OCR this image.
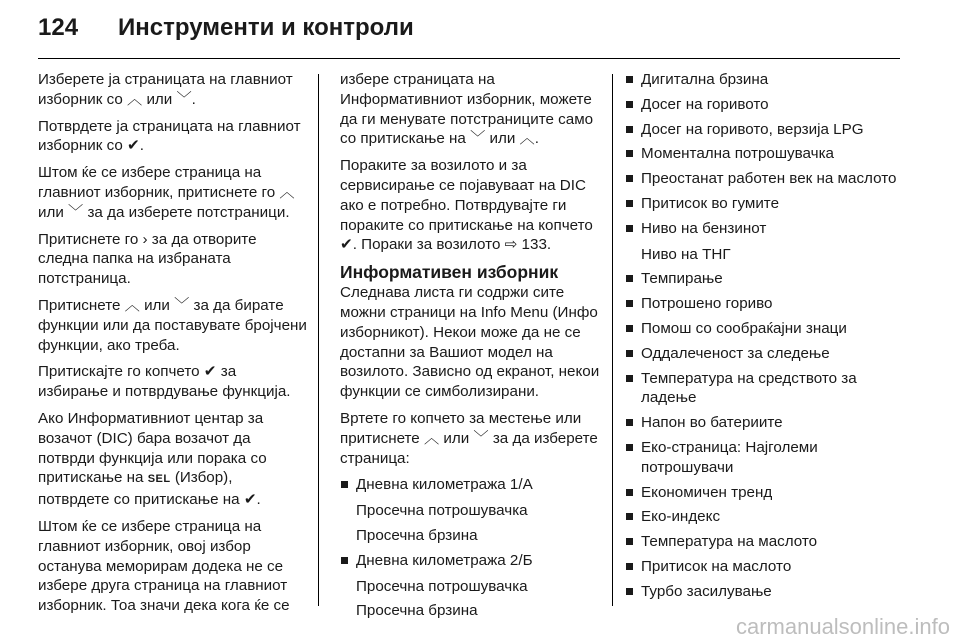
124	Инструменти и контроли

Изберете ја страницата на главниот изборник со ︿ или ﹀.

Потврдете ја страницата на главниот изборник со ✔.

Штом ќе се избере страница на главниот изборник, притиснете го ︿ или ﹀ за да изберете потстраници.

Притиснете го › за да отворите следна папка на избраната потстраница.

Притиснете ︿ или ﹀ за да бирате функции или да поставувате бројчени функции, ако треба.

Притискајте го копчето ✔ за избирање и потврдување функција.

Ако Информативниот центар за возачот (DIC) бара возачот да потврди функција или порака со притискање на SEL (Избор), потврдете со притискање на ✔.

Штом ќе се избере страница на главниот изборник, овој избор останува меморирам додека не се избере друга страница на главниот изборник. Тоа значи дека кога ќе се

избере страницата на Информативниот изборник, можете да ги менувате потстраниците само со притискање на ﹀ или ︿.

Пораките за возилото и за сервисирање се појавуваат на DIC ако е потребно. Потврдувајте ги пораките со притискање на копчето ✔. Пораки за возилото ⇨ 133.

Информативен изборник

Следнава листа ги содржи сите можни страници на Info Menu (Инфо изборникот). Некои може да не се достапни за Вашиот модел на возилото. Зависно од екранот, некои функции се симболизирани.

Вртете го копчето за местење или притиснете ︿ или ﹀ за да изберете страница:

Дневна километража 1/A
Просечна потрошувачка
Просечна брзина
Дневна километража 2/Б
Просечна потрошувачка
Просечна брзина
Дигитална брзина
Досег на горивото
Досег на горивото, верзија LPG
Моментална потрошувачка
Преостанат работен век на маслото
Притисок во гумите
Ниво на бензинот
Ниво на ТНГ
Темпирање
Потрошено гориво
Помош со сообраќајни знаци
Оддалеченост за следење
Температура на средството за ладење
Напон во батериите
Еко-страница: Најголеми потрошувачи
Економичен тренд
Еко-индекс
Температура на маслото
Притисок на маслото
Турбо засилување
carmanualsonline.info
